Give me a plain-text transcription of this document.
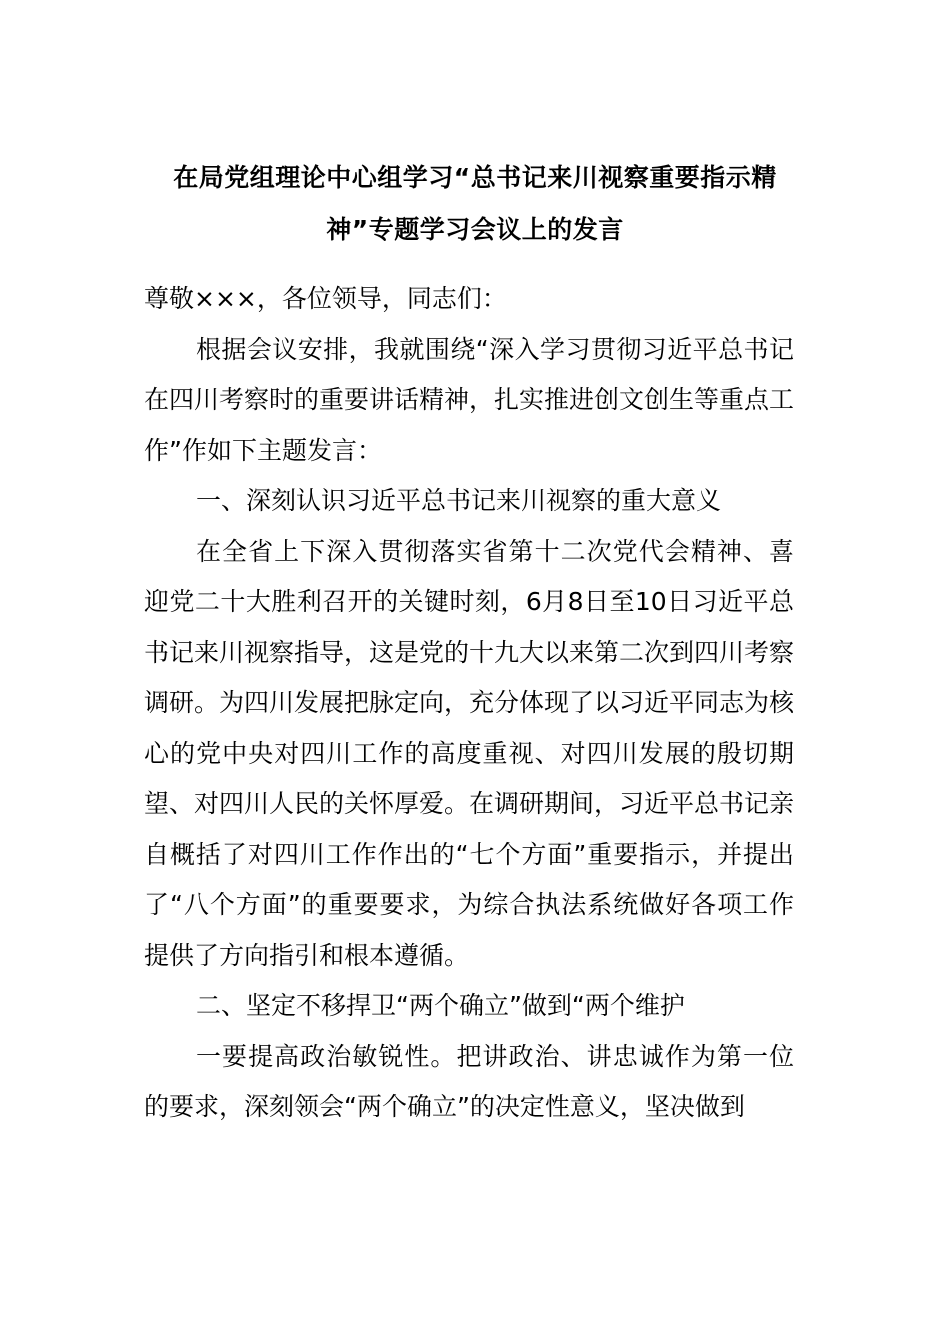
在局党组理论中心组学习“总书记来川视察重要指示精
神”专题学习会议上的发言

尊敬×××，各位领导，同志们：

根据会议安排，我就围绕“深入学习贯彻习近平总书记在四川考察时的重要讲话精神，扎实推进创文创生等重点工作”作如下主题发言：

一、深刻认识习近平总书记来川视察的重大意义

在全省上下深入贯彻落实省第十二次党代会精神、喜迎党二十大胜利召开的关键时刻，6月8日至10日习近平总书记来川视察指导，这是党的十九大以来第二次到四川考察调研。为四川发展把脉定向，充分体现了以习近平同志为核心的党中央对四川工作的高度重视、对四川发展的殷切期望、对四川人民的关怀厚爱。在调研期间，习近平总书记亲自概括了对四川工作作出的“七个方面”重要指示，并提出了“八个方面”的重要要求，为综合执法系统做好各项工作提供了方向指引和根本遵循。

二、坚定不移捍卫“两个确立”做到“两个维护

一要提高政治敏锐性。把讲政治、讲忠诚作为第一位的要求，深刻领会“两个确立”的决定性意义，坚决做到
